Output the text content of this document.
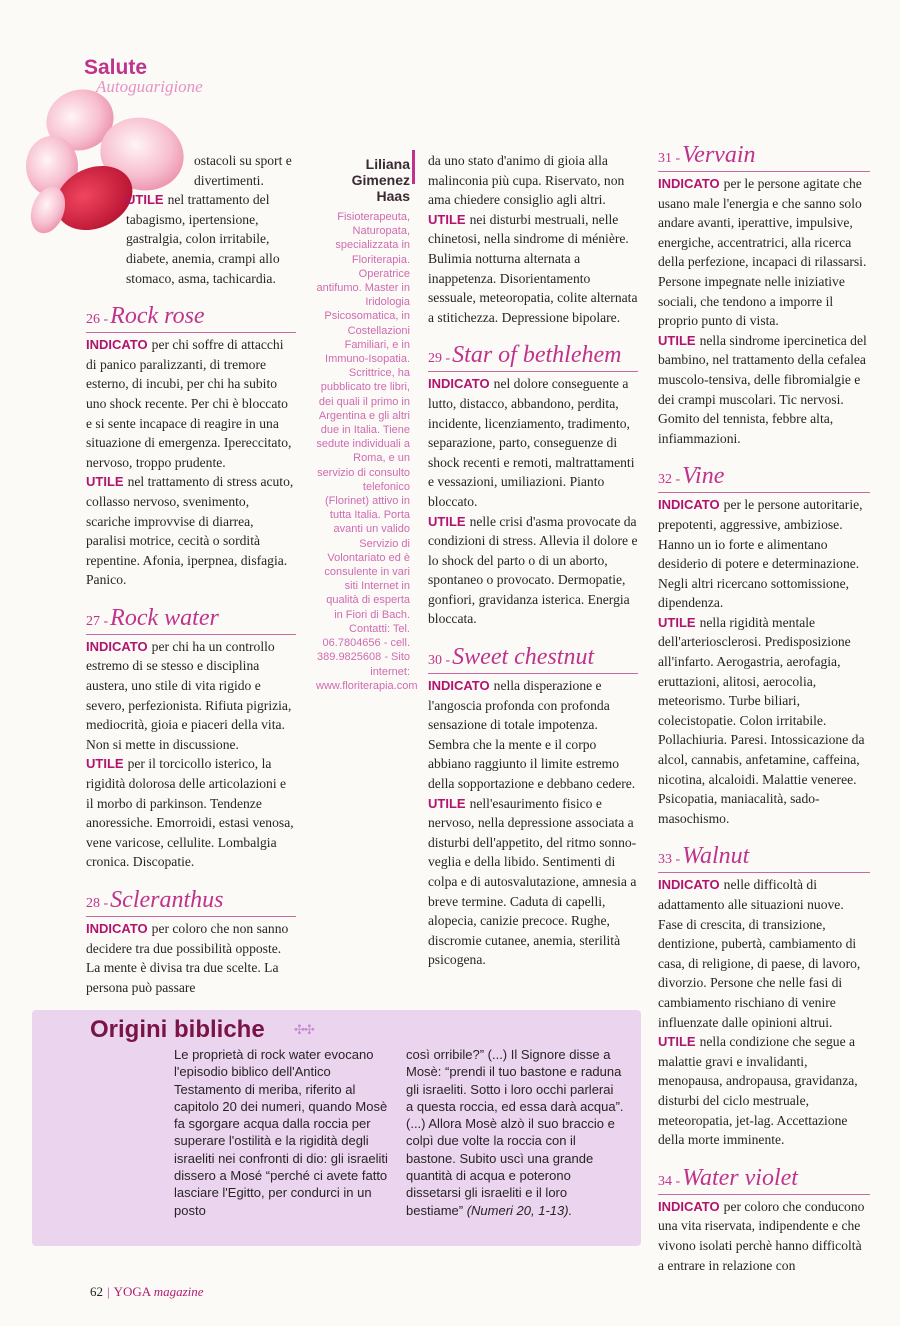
Salute
Autoguarigione

ostacoli su sport e divertimenti.

UTILE nel trattamento del tabagismo, ipertensione, gastralgia, colon irritabile, diabete, anemia, crampi allo stomaco, asma, tachicardia.

26 -Rock rose

INDICATO per chi soffre di attacchi di panico paralizzanti, di tremore esterno, di incubi, per chi ha subito uno shock recente. Per chi è bloccato e si sente incapace di reagire in una situazione di emergenza. Ipereccitato, nervoso, troppo prudente.

UTILE nel trattamento di stress acuto, collasso nervoso, svenimento, scariche improvvise di diarrea, paralisi motrice, cecità o sordità repentine. Afonia, iperpnea, disfagia. Panico.

27 -Rock water

INDICATO per chi ha un controllo estremo di se stesso e disciplina austera, uno stile di vita rigido e severo, perfezionista. Rifiuta pigrizia, mediocrità, gioia e piaceri della vita. Non si mette in discussione.

UTILE per il torcicollo isterico, la rigidità dolorosa delle articolazioni e il morbo di parkinson. Tendenze anoressiche. Emorroidi, estasi venosa, vene varicose, cellulite. Lombalgia cronica. Discopatie.

28 -Scleranthus

INDICATO per coloro che non sanno decidere tra due possibilità opposte. La mente è divisa tra due scelte. La persona può passare

Liliana Gimenez Haas
Fisioterapeuta, Naturopata, specializzata in Floriterapia. Operatrice antifumo. Master in Iridologia Psicosomatica, in Costellazioni Familiari, e in Immuno-Isopatia. Scrittrice, ha pubblicato tre libri, dei quali il primo in Argentina e gli altri due in Italia. Tiene sedute individuali a Roma, e un servizio di consulto telefonico (Florinet) attivo in tutta Italia. Porta avanti un valido Servizio di Volontariato ed è consulente in vari siti Internet in qualità di esperta in Fiori di Bach. Contatti: Tel. 06.7804656 - cell. 389.9825608 - Sito internet: www.floriterapia.com

da uno stato d'animo di gioia alla malinconia più cupa. Riservato, non ama chiedere consiglio agli altri.

UTILE nei disturbi mestruali, nelle chinetosi, nella sindrome di ménière. Bulimia notturna alternata a inappetenza. Disorientamento sessuale, meteoropatia, colite alternata a stitichezza. Depressione bipolare.

29 -Star of bethlehem

INDICATO nel dolore conseguente a lutto, distacco, abbandono, perdita, incidente, licenziamento, tradimento, separazione, parto, conseguenze di shock recenti e remoti, maltrattamenti e vessazioni, umiliazioni. Pianto bloccato.

UTILE nelle crisi d'asma provocate da condizioni di stress. Allevia il dolore e lo shock del parto o di un aborto, spontaneo o provocato. Dermopatie, gonfiori, gravidanza isterica. Energia bloccata.

30 -Sweet chestnut

INDICATO nella disperazione e l'angoscia profonda con profonda sensazione di totale impotenza. Sembra che la mente e il corpo abbiano raggiunto il limite estremo della sopportazione e debbano cedere.

UTILE nell'esaurimento fisico e nervoso, nella depressione associata a disturbi dell'appetito, del ritmo sonno-veglia e della libido. Sentimenti di colpa e di autosvalutazione, amnesia a breve termine. Caduta di capelli, alopecia, canizie precoce. Rughe, discromie cutanee, anemia, sterilità psicogena.

31 -Vervain

INDICATO per le persone agitate che usano male l'energia e che sanno solo andare avanti, iperattive, impulsive, energiche, accentratrici, alla ricerca della perfezione, incapaci di rilassarsi. Persone impegnate nelle iniziative sociali, che tendono a imporre il proprio punto di vista.

UTILE nella sindrome ipercinetica del bambino, nel trattamento della cefalea muscolo-tensiva, delle fibromialgie e dei crampi muscolari. Tic nervosi. Gomito del tennista, febbre alta, infiammazioni.

32 -Vine

INDICATO per le persone autoritarie, prepotenti, aggressive, ambiziose. Hanno un io forte e alimentano desiderio di potere e determinazione. Negli altri ricercano sottomissione, dipendenza.

UTILE nella rigidità mentale dell'arteriosclerosi. Predisposizione all'infarto. Aerogastria, aerofagia, eruttazioni, alitosi, aerocolia, meteorismo. Turbe biliari, colecistopatie. Colon irritabile. Pollachiuria. Paresi. Intossicazione da alcol, cannabis, anfetamine, caffeina, nicotina, alcaloidi. Malattie veneree. Psicopatia, maniacalità, sado-masochismo.

33 -Walnut

INDICATO nelle difficoltà di adattamento alle situazioni nuove. Fase di crescita, di transizione, dentizione, pubertà, cambiamento di casa, di religione, di paese, di lavoro, divorzio. Persone che nelle fasi di cambiamento rischiano di venire influenzate dalle opinioni altrui.

UTILE nella condizione che segue a malattie gravi e invalidanti, menopausa, andropausa, gravidanza, disturbi del ciclo mestruale, meteoropatia, jet-lag. Accettazione della morte imminente.

34 -Water violet

INDICATO per coloro che conducono una vita riservata, indipendente e che vivono isolati perchè hanno difficoltà a entrare in relazione con

Origini bibliche ✣✣
Le proprietà di rock water evocano l'episodio biblico dell'Antico Testamento di meriba, riferito al capitolo 20 dei numeri, quando Mosè fa sgorgare acqua dalla roccia per superare l'ostilità e la rigidità degli israeliti nei confronti di dio: gli israeliti dissero a Mosé “perché ci avete fatto lasciare l'Egitto, per condurci in un posto
così orribile?” (...) Il Signore disse a Mosè: “prendi il tuo bastone e raduna gli israeliti. Sotto i loro occhi parlerai a questa roccia, ed essa darà acqua”. (...) Allora Mosè alzò il suo braccio e colpì due volte la roccia con il bastone. Subito uscì una grande quantità di acqua e poterono dissetarsi gli israeliti e il loro bestiame” (Numeri 20, 1-13).
62 | YOGA magazine
